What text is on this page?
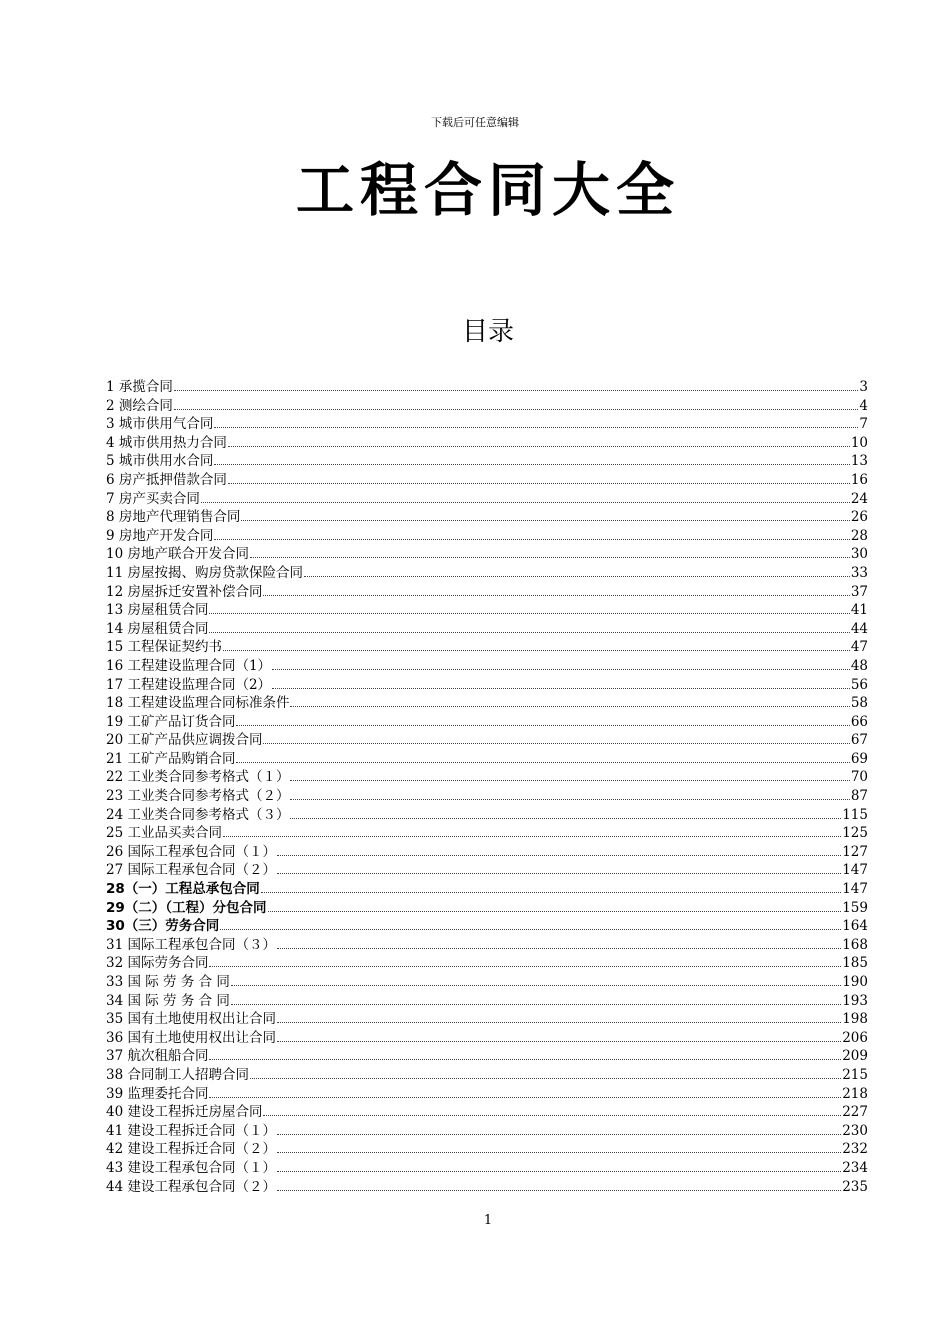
下载后可任意编辑
工程合同大全
目录
1 承揽合同	3
2 测绘合同	4
3 城市供用气合同	7
4 城市供用热力合同	10
5 城市供用水合同	13
6 房产抵押借款合同	16
7 房产买卖合同	24
8 房地产代理销售合同	26
9 房地产开发合同	28
10 房地产联合开发合同	30
11 房屋按揭、购房贷款保险合同	33
12 房屋拆迁安置补偿合同	37
13 房屋租赁合同	41
14 房屋租赁合同	44
15 工程保证契约书	47
16 工程建设监理合同（1）	48
17 工程建设监理合同（2）	56
18 工程建设监理合同标准条件	58
19 工矿产品订货合同	66
20 工矿产品供应调拨合同	67
21 工矿产品购销合同	69
22 工业类合同参考格式（１）	70
23 工业类合同参考格式（２）	87
24 工业类合同参考格式（３）	115
25 工业品买卖合同	125
26 国际工程承包合同（１）	127
27 国际工程承包合同（２）	147
28（一）工程总承包合同	147
29（二）（工程）分包合同	159
30（三）劳务合同	164
31 国际工程承包合同（３）	168
32 国际劳务合同	185
33 国 际 劳 务 合 同	190
34 国 际 劳 务 合 同	193
35 国有土地使用权出让合同	198
36 国有土地使用权出让合同	206
37 航次租船合同	209
38 合同制工人招聘合同	215
39 监理委托合同	218
40 建设工程拆迁房屋合同	227
41 建设工程拆迁合同（１）	230
42 建设工程拆迁合同（２）	232
43 建设工程承包合同（１）	234
44 建设工程承包合同（２）	235
1
